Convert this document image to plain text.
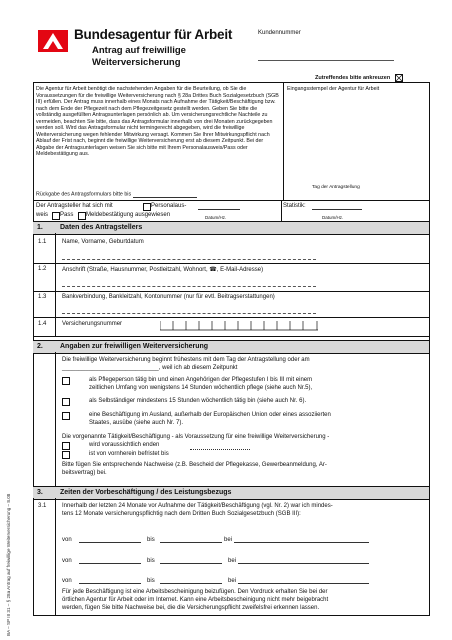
Bundesagentur für Arbeit
Antrag auf freiwillige
Weiterversicherung
Kundennummer
Zutreffendes bitte ankreuzen
Die Agentur für Arbeit benötigt die nachstehenden Angaben für die Beurteilung, ob Sie die Voraussetzungen für die freiwillige Weiterversicherung nach § 28a Drittes Buch Sozialgesetzbuch (SGB III) erfüllen. Der Antrag muss innerhalb eines Monats nach Aufnahme der Tätigkeit/Beschäftigung bzw. nach dem Ende der Pflegezeit nach dem Pflegezeitgesetz gestellt werden. Geben Sie bitte die vollständig ausgefüllten Antragsunterlagen persönlich ab. Um versicherungsrechtliche Nachteile zu vermeiden, beachten Sie bitte, dass das Antragsformular innerhalb von drei Monaten zurückgegeben werden soll. Wird das Antragsformular nicht termingerecht abgegeben, wird die freiwillige Weiterversicherung wegen fehlender Mitwirkung versagt. Kommen Sie Ihrer Mitwirkungspflicht nach Ablauf der Frist nach, beginnt die freiwillige Weiterversicherung erst ab diesem Zeitpunkt. Bei der Abgabe der Antragsunterlagen weisen Sie sich bitte mit Ihrem Personalausweis/Pass oder Meldebestätigung aus.
Rückgabe des Antragsformulars bitte bis
Eingangsstempel der Agentur für Arbeit
Tag der Antragstellung
Der Antragsteller hat sich mit	Personalaus-
weis Pass Meldebestätigung ausgewiesen	Datum/Hz.
Statistik:
Datum/Hz.
1. Daten des Antragstellers
1.1	Name, Vorname, Geburtdatum
1.2	Anschrift (Straße, Hausnummer, Postleitzahl, Wohnort, ☎, E-Mail-Adresse)
1.3	Bankverbindung, Bankleitzahl, Kontonummer (nur für evtl. Beitragserstattungen)
1.4	Versicherungsnummer
2. Angaben zur freiwilligen Weiterversicherung
Die freiwillige Weiterversicherung beginnt frühestens mit dem Tag der Antragstellung oder am
_____________________________, weil ich ab diesem Zeitpunkt
als Pflegeperson tätig bin und einen Angehörigen der Pflegestufen I bis III mit einem
zeitlichen Umfang von wenigstens 14 Stunden wöchentlich pflege (siehe auch Nr.5),
als Selbständiger mindestens 15 Stunden wöchentlich tätig bin (siehe auch Nr. 6).
eine Beschäftigung im Ausland, außerhalb der Europäischen Union oder eines assoziierten
Staates, ausübe (siehe auch Nr. 7).
Die vorgenannte Tätigkeit/Beschäftigung - als Voraussetzung für eine freiwillige Weiterversicherung -
wird voraussichtlich enden
ist von vornherein befristet bis
Bitte fügen Sie entsprechende Nachweise (z.B. Bescheid der Pflegekasse, Gewerbeanmeldung, Ar-
beitsvertrag) bei.
3. Zeiten der Vorbeschäftigung / des Leistungsbezugs
3.1	Innerhalb der letzten 24 Monate vor Aufnahme der Tätigkeit/Beschäftigung (vgl. Nr. 2) war ich mindes-
tens 12 Monate versicherungspflichtig nach dem Dritten Buch Sozialgesetzbuch (SGB III):
von	bis	bei
von	bis	bei
von	bis	bei
Für jede Beschäftigung ist eine Arbeitsbescheinigung beizufügen. Den Vordruck erhalten Sie bei der
örtlichen Agentur für Arbeit oder im Internet. Kann eine Arbeitsbescheinigung nicht mehr beigebracht
werden, fügen Sie bitte Nachweise bei, die die Versicherungspflicht zweifelsfrei erkennen lassen.
BA – SP III 31 – § 28a Antrag auf freiwillige Weiterversicherung – 8.08
